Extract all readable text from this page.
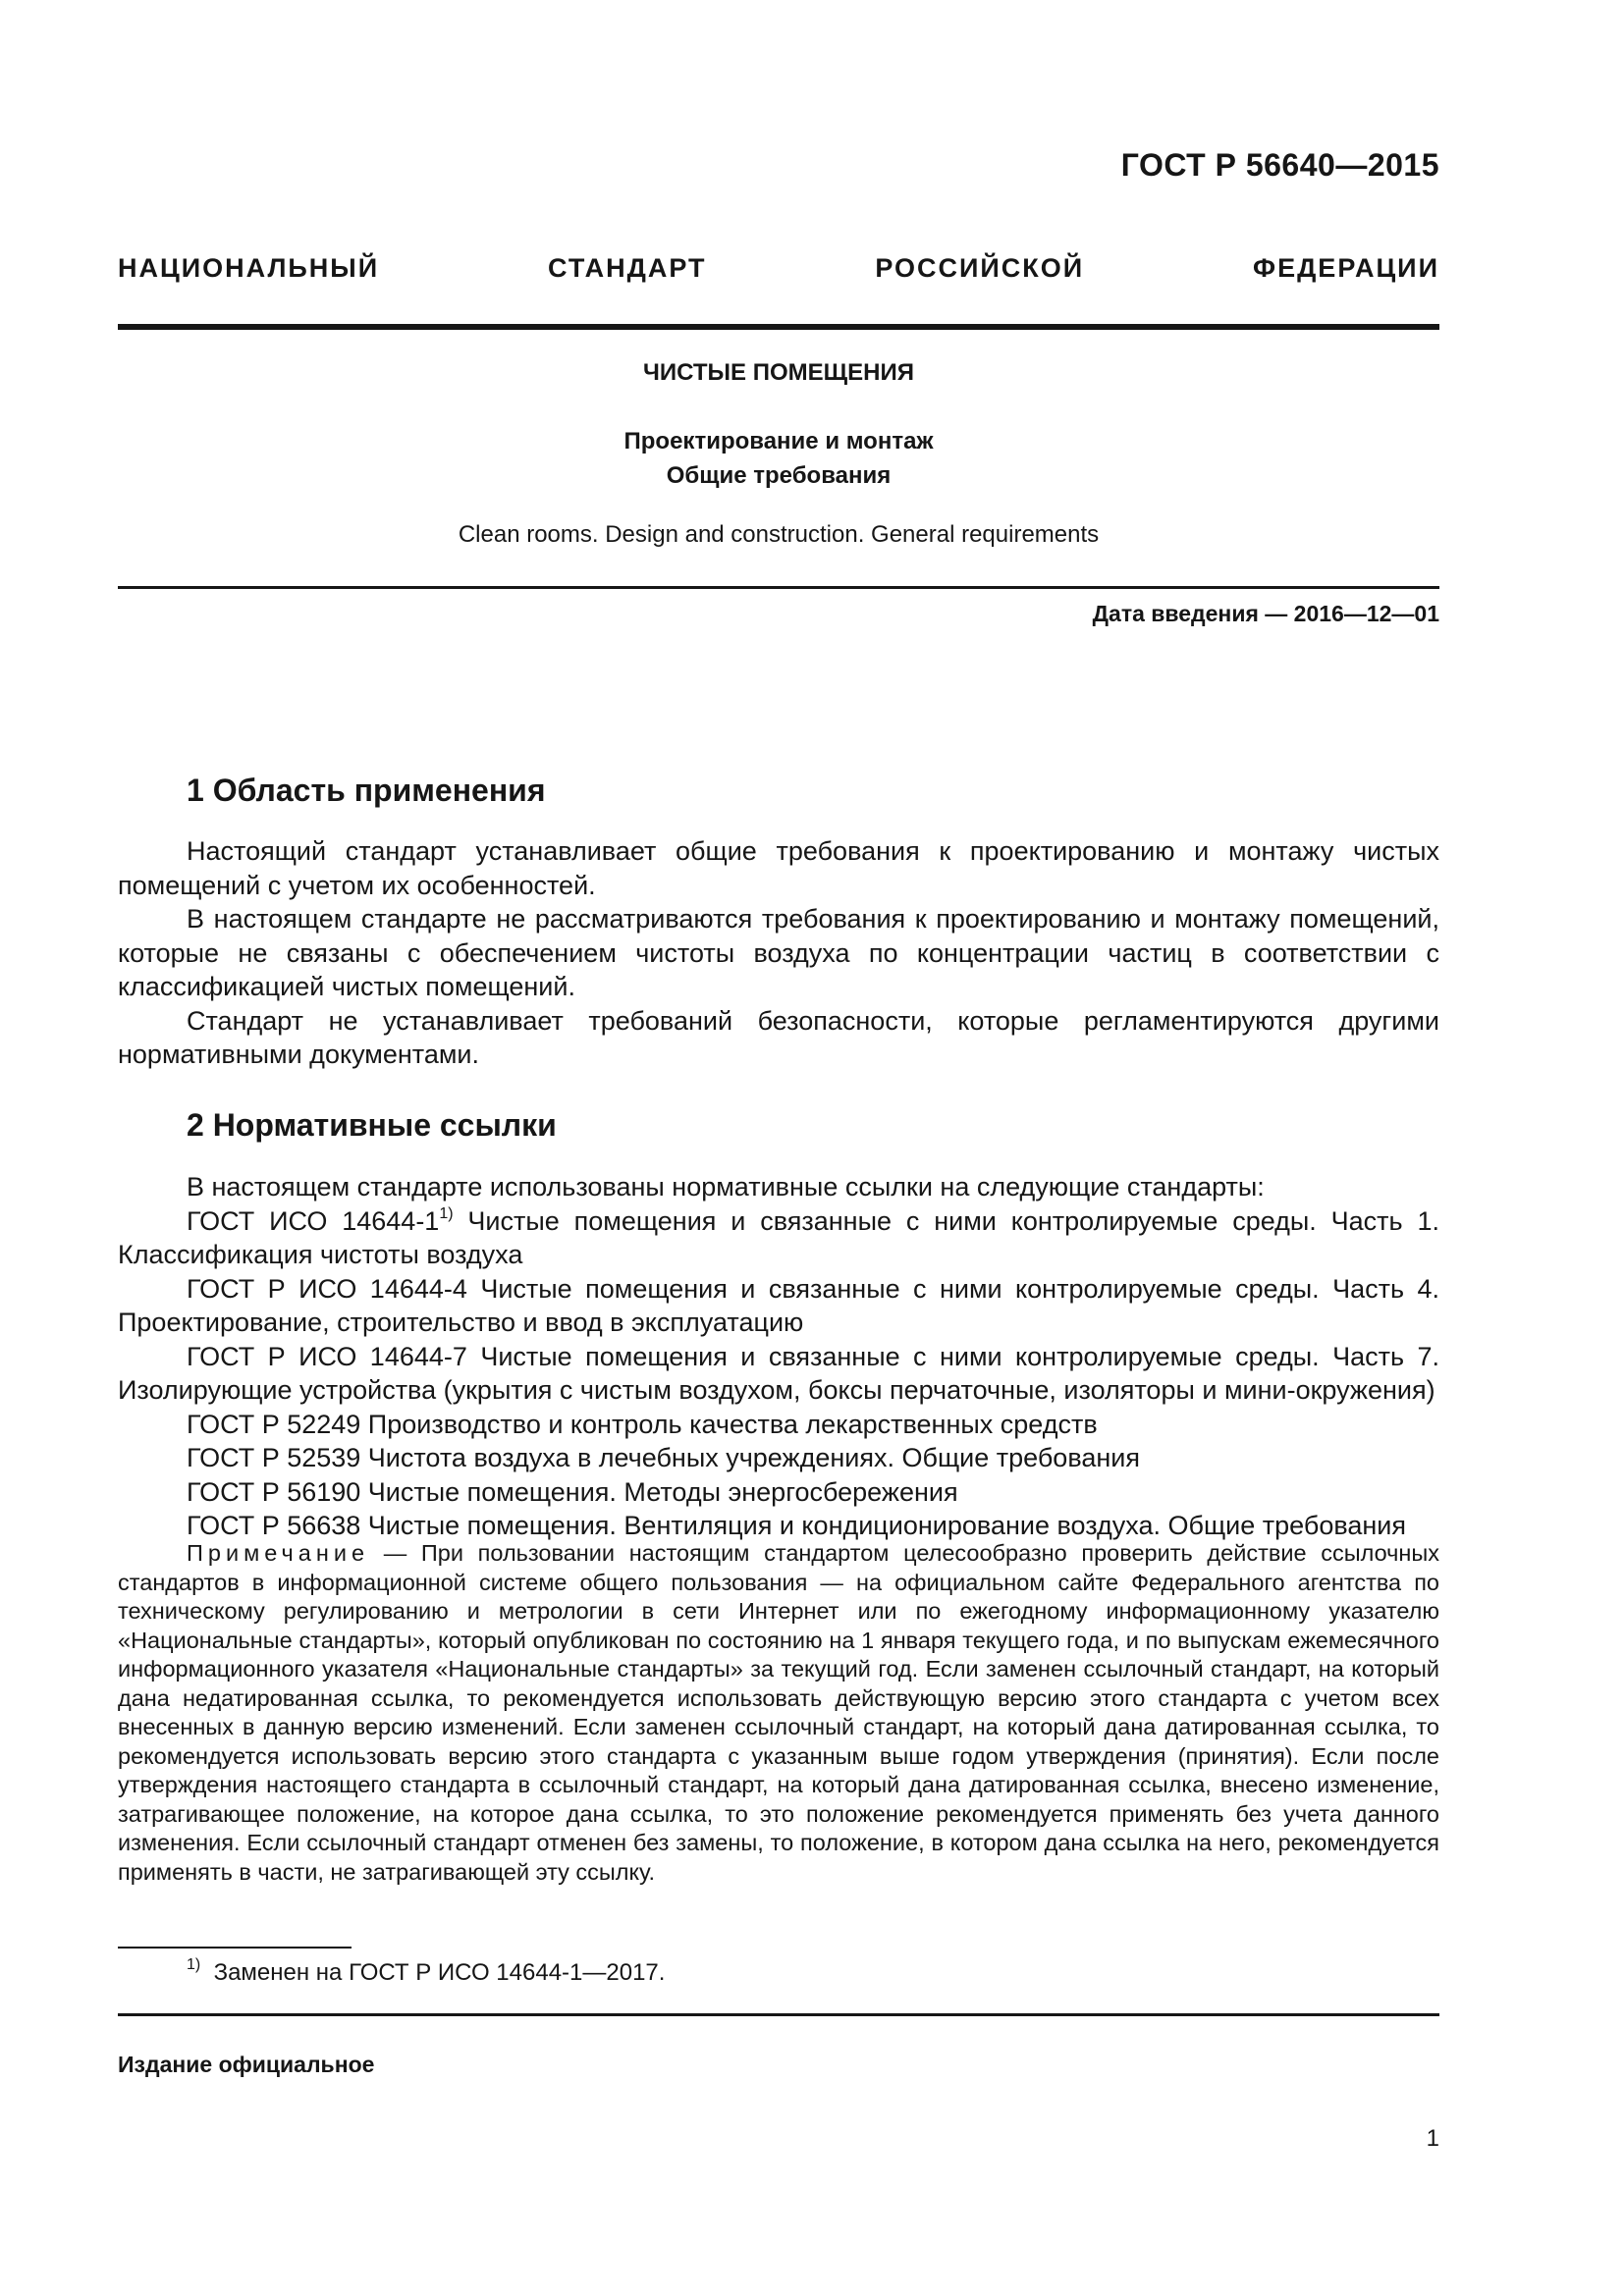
ГОСТ Р 56640—2015
НАЦИОНАЛЬНЫЙ СТАНДАРТ РОССИЙСКОЙ ФЕДЕРАЦИИ
ЧИСТЫЕ ПОМЕЩЕНИЯ
Проектирование и монтаж
Общие требования
Clean rooms. Design and construction. General requirements
Дата введения — 2016—12—01
1 Область применения

Настоящий стандарт устанавливает общие требования к проектированию и монтажу чистых помещений с учетом их особенностей.

В настоящем стандарте не рассматриваются требования к проектированию и монтажу помещений, которые не связаны с обеспечением чистоты воздуха по концентрации частиц в соответствии с классификацией чистых помещений.

Стандарт не устанавливает требований безопасности, которые регламентируются другими нормативными документами.

2 Нормативные ссылки

В настоящем стандарте использованы нормативные ссылки на следующие стандарты:

ГОСТ ИСО 14644-1$^{1)}$ Чистые помещения и связанные с ними контролируемые среды. Часть 1. Классификация чистоты воздуха

ГОСТ Р ИСО 14644-4 Чистые помещения и связанные с ними контролируемые среды. Часть 4. Проектирование, строительство и ввод в эксплуатацию

ГОСТ Р ИСО 14644-7 Чистые помещения и связанные с ними контролируемые среды. Часть 7. Изолирующие устройства (укрытия с чистым воздухом, боксы перчаточные, изоляторы и мини-окружения)

ГОСТ Р 52249 Производство и контроль качества лекарственных средств

ГОСТ Р 52539 Чистота воздуха в лечебных учреждениях. Общие требования

ГОСТ Р 56190 Чистые помещения. Методы энергосбережения

ГОСТ Р 56638 Чистые помещения. Вентиляция и кондиционирование воздуха. Общие требования

Примечание — При пользовании настоящим стандартом целесообразно проверить действие ссылочных стандартов в информационной системе общего пользования — на официальном сайте Федерального агентства по техническому регулированию и метрологии в сети Интернет или по ежегодному информационному указателю «Национальные стандарты», который опубликован по состоянию на 1 января текущего года, и по выпускам ежемесячного информационного указателя «Национальные стандарты» за текущий год. Если заменен ссылочный стандарт, на который дана недатированная ссылка, то рекомендуется использовать действующую версию этого стандарта с учетом всех внесенных в данную версию изменений. Если заменен ссылочный стандарт, на который дана датированная ссылка, то рекомендуется использовать версию этого стандарта с указанным выше годом утверждения (принятия). Если после утверждения настоящего стандарта в ссылочный стандарт, на который дана датированная ссылка, внесено изменение, затрагивающее положение, на которое дана ссылка, то это положение рекомендуется применять без учета данного изменения. Если ссылочный стандарт отменен без замены, то положение, в котором дана ссылка на него, рекомендуется применять в части, не затрагивающей эту ссылку.
$^{1)}$ Заменен на ГОСТ Р ИСО 14644-1—2017.
Издание официальное
1
